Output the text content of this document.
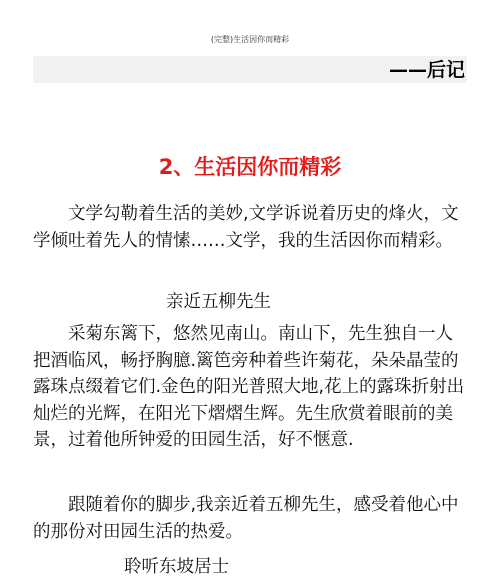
(完整)生活因你而精彩
——后记
2、生活因你而精彩

文学勾勒着生活的美妙,文学诉说着历史的烽火，文学倾吐着先人的情愫……文学，我的生活因你而精彩。

亲近五柳先生

采菊东篱下，悠然见南山。南山下，先生独自一人把酒临风，畅抒胸臆.篱笆旁种着些许菊花，朵朵晶莹的露珠点缀着它们.金色的阳光普照大地,花上的露珠折射出灿烂的光辉，在阳光下熠熠生辉。先生欣赏着眼前的美景，过着他所钟爱的田园生活，好不惬意.

跟随着你的脚步,我亲近着五柳先生，感受着他心中的那份对田园生活的热爱。

聆听东坡居士
